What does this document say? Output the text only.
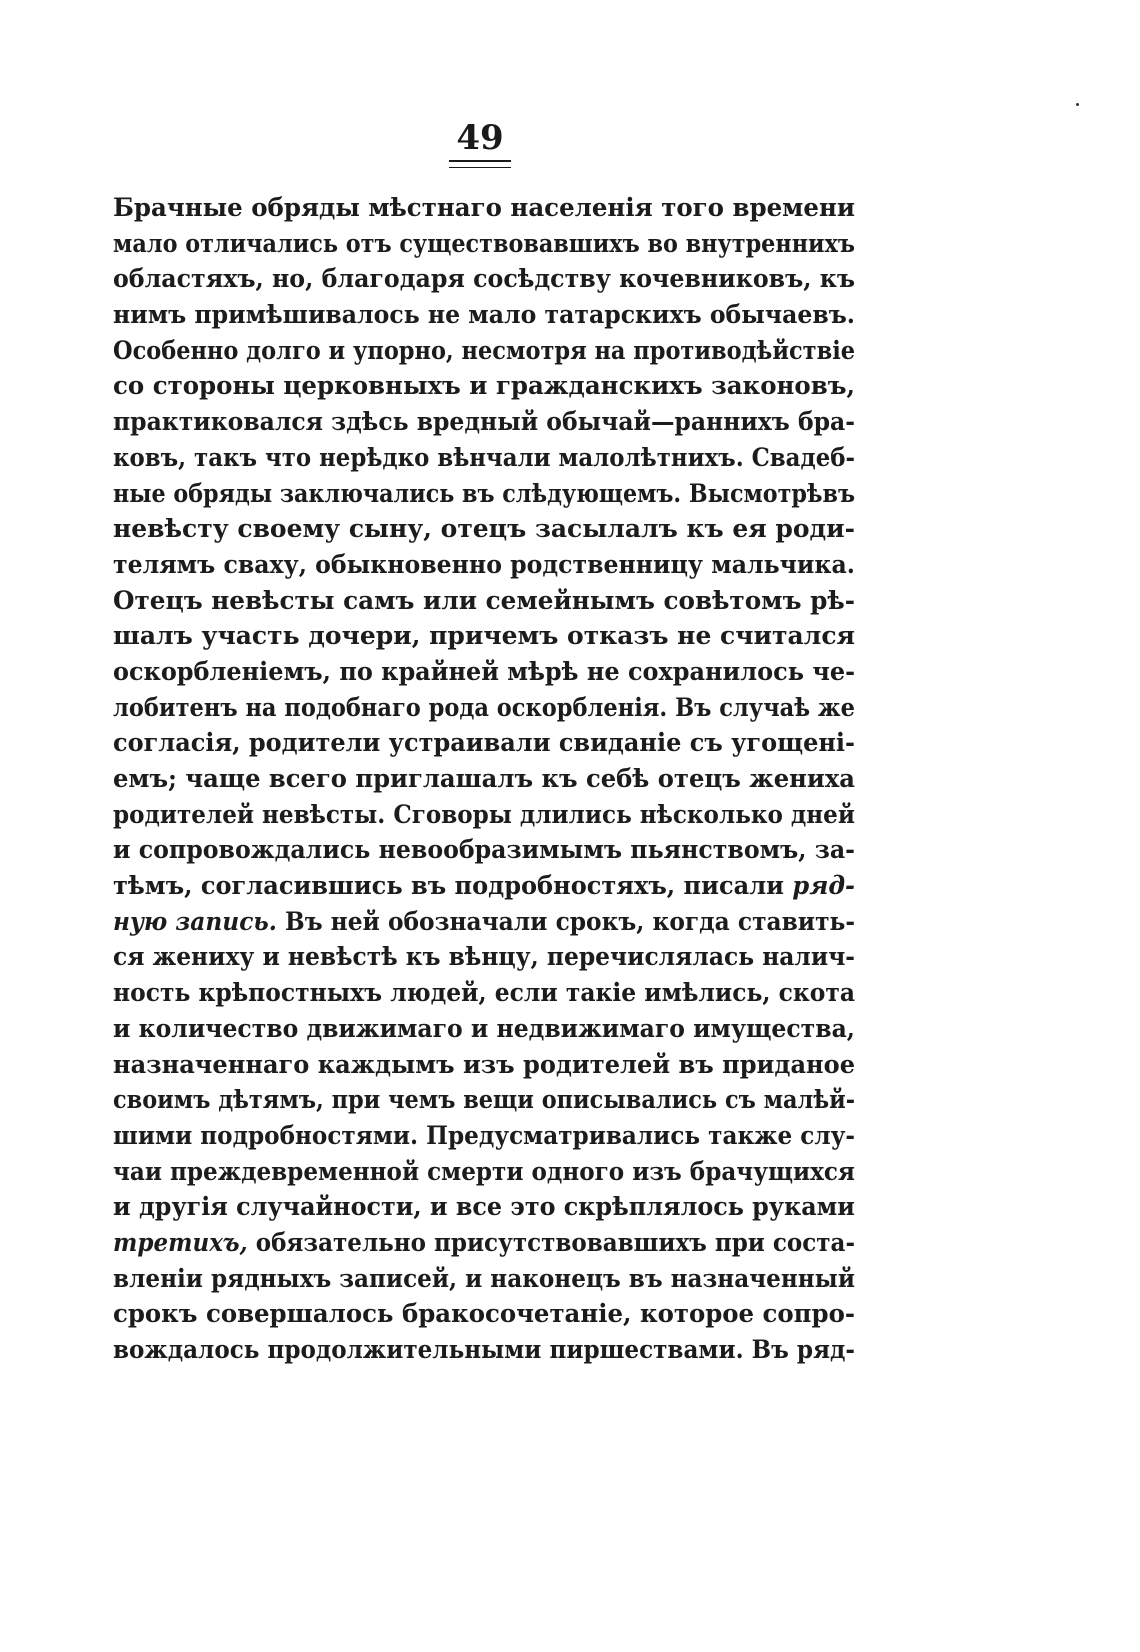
49
Брачные обряды мѣстнаго населенія того времени
мало отличались отъ существовавшихъ во внутреннихъ
областяхъ, но, благодаря сосѣдству кочевниковъ, къ
нимъ примѣшивалось не мало татарскихъ обычаевъ.
Особенно долго и упорно, несмотря на противодѣйствіе
со стороны церковныхъ и гражданскихъ законовъ,
практиковался здѣсь вредный обычай—раннихъ бра-
ковъ, такъ что нерѣдко вѣнчали малолѣтнихъ. Свадеб-
ные обряды заключались въ слѣдующемъ. Высмотрѣвъ
невѣсту своему сыну, отецъ засылалъ къ ея роди-
телямъ сваху, обыкновенно родственницу мальчика.
Отецъ невѣсты самъ или семейнымъ совѣтомъ рѣ-
шалъ участь дочери, причемъ отказъ не считался
оскорбленіемъ, по крайней мѣрѣ не сохранилось че-
лобитенъ на подобнаго рода оскорбленія. Въ случаѣ же
согласія, родители устраивали свиданіе съ угощені-
емъ; чаще всего приглашалъ къ себѣ отецъ жениха
родителей невѣсты. Сговоры длились нѣсколько дней
и сопровождались невообразимымъ пьянствомъ, за-
тѣмъ, согласившись въ подробностяхъ, писали ряд-
ную запись. Въ ней обозначали срокъ, когда ставить-
ся жениху и невѣстѣ къ вѣнцу, перечислялась налич-
ность крѣпостныхъ людей, если такіе имѣлись, скота
и количество движимаго и недвижимаго имущества,
назначеннаго каждымъ изъ родителей въ приданое
своимъ дѣтямъ, при чемъ вещи описывались съ малѣй-
шими подробностями. Предусматривались также слу-
чаи преждевременной смерти одного изъ брачущихся
и другія случайности, и все это скрѣплялось руками
третихъ, обязательно присутствовавшихъ при соста-
вленіи рядныхъ записей, и наконецъ въ назначенный
срокъ совершалось бракосочетаніе, которое сопро-
вождалось продолжительными пиршествами. Въ ряд-
